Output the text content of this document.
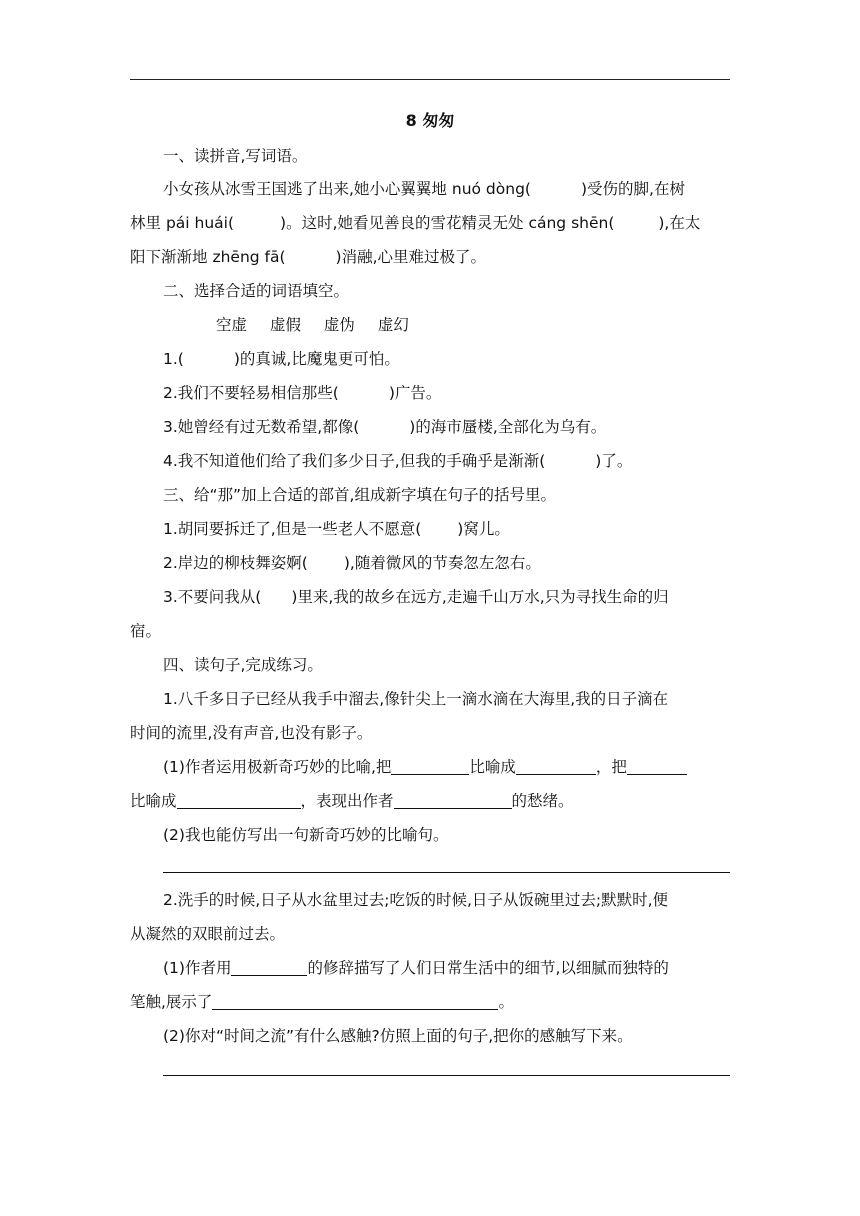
8 匆匆
一、读拼音,写词语。
小女孩从冰雪王国逃了出来,她小心翼翼地 nuó dòng(	)受伤的脚,在树
林里 pái huái(	)。这时,她看见善良的雪花精灵无处 cáng shēn(	),在太
阳下渐渐地 zhēng fā(	)消融,心里难过极了。
二、选择合适的词语填空。
空虚 虚假 虚伪 虚幻
1.(	)的真诚,比魔鬼更可怕。
2.我们不要轻易相信那些(	)广告。
3.她曾经有过无数希望,都像(	)的海市蜃楼,全部化为乌有。
4.我不知道他们给了我们多少日子,但我的手确乎是渐渐(	)了。
三、给“那”加上合适的部首,组成新字填在句子的括号里。
1.胡同要拆迁了,但是一些老人不愿意( )窝儿。
2.岸边的柳枝舞姿婀( ),随着微风的节奏忽左忽右。
3.不要问我从( )里来,我的故乡在远方,走遍千山万水,只为寻找生命的归
宿。
四、读句子,完成练习。
1.八千多日子已经从我手中溜去,像针尖上一滴水滴在大海里,我的日子滴在
时间的流里,没有声音,也没有影子。
(1)作者运用极新奇巧妙的比喻,把	比喻成	，把
比喻成	，表现出作者	的愁绪。
(2)我也能仿写出一句新奇巧妙的比喻句。
2.洗手的时候,日子从水盆里过去;吃饭的时候,日子从饭碗里过去;默默时,便
从凝然的双眼前过去。
(1)作者用	的修辞描写了人们日常生活中的细节,以细腻而独特的
笔触,展示了	。
(2)你对“时间之流”有什么感触?仿照上面的句子,把你的感触写下来。
